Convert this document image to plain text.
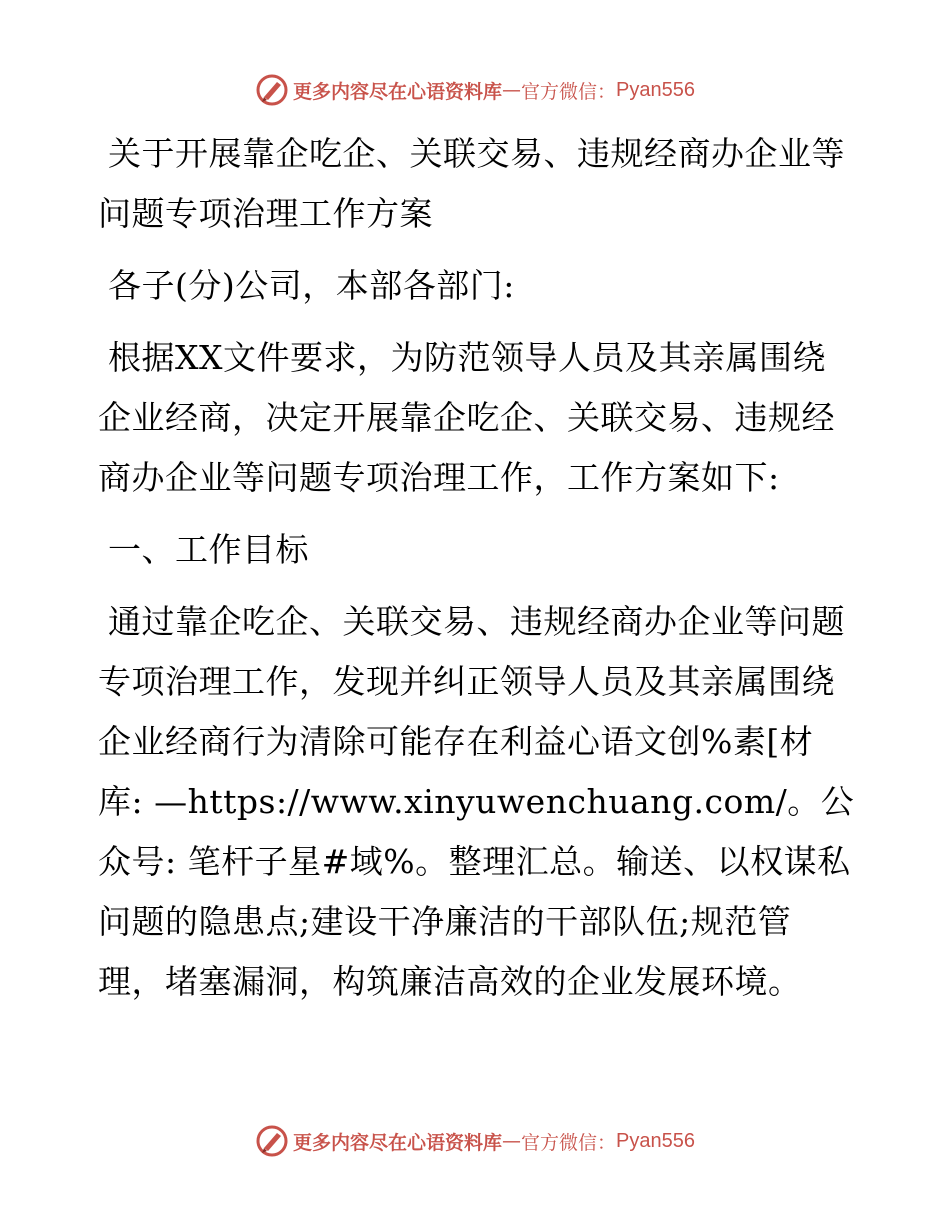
更多内容尽在心语资料库 — 官方微信： Pyan556

关于开展靠企吃企、关联交易、违规经商办企业等问题专项治理工作方案

各子(分)公司，本部各部门:

根据XX文件要求，为防范领导人员及其亲属围绕企业经商，决定开展靠企吃企、关联交易、违规经商办企业等问题专项治理工作，工作方案如下:

一、工作目标

通过靠企吃企、关联交易、违规经商办企业等问题专项治理工作，发现并纠正领导人员及其亲属围绕企业经商行为清除可能存在利益心语文创%素[材库: —https://www.xinyuwenchuang.com/。公众号: 笔杆子星#域%。整理汇总。输送、以权谋私问题的隐患点;建设干净廉洁的干部队伍;规范管理，堵塞漏洞，构筑廉洁高效的企业发展环境。

更多内容尽在心语资料库 — 官方微信： Pyan556
